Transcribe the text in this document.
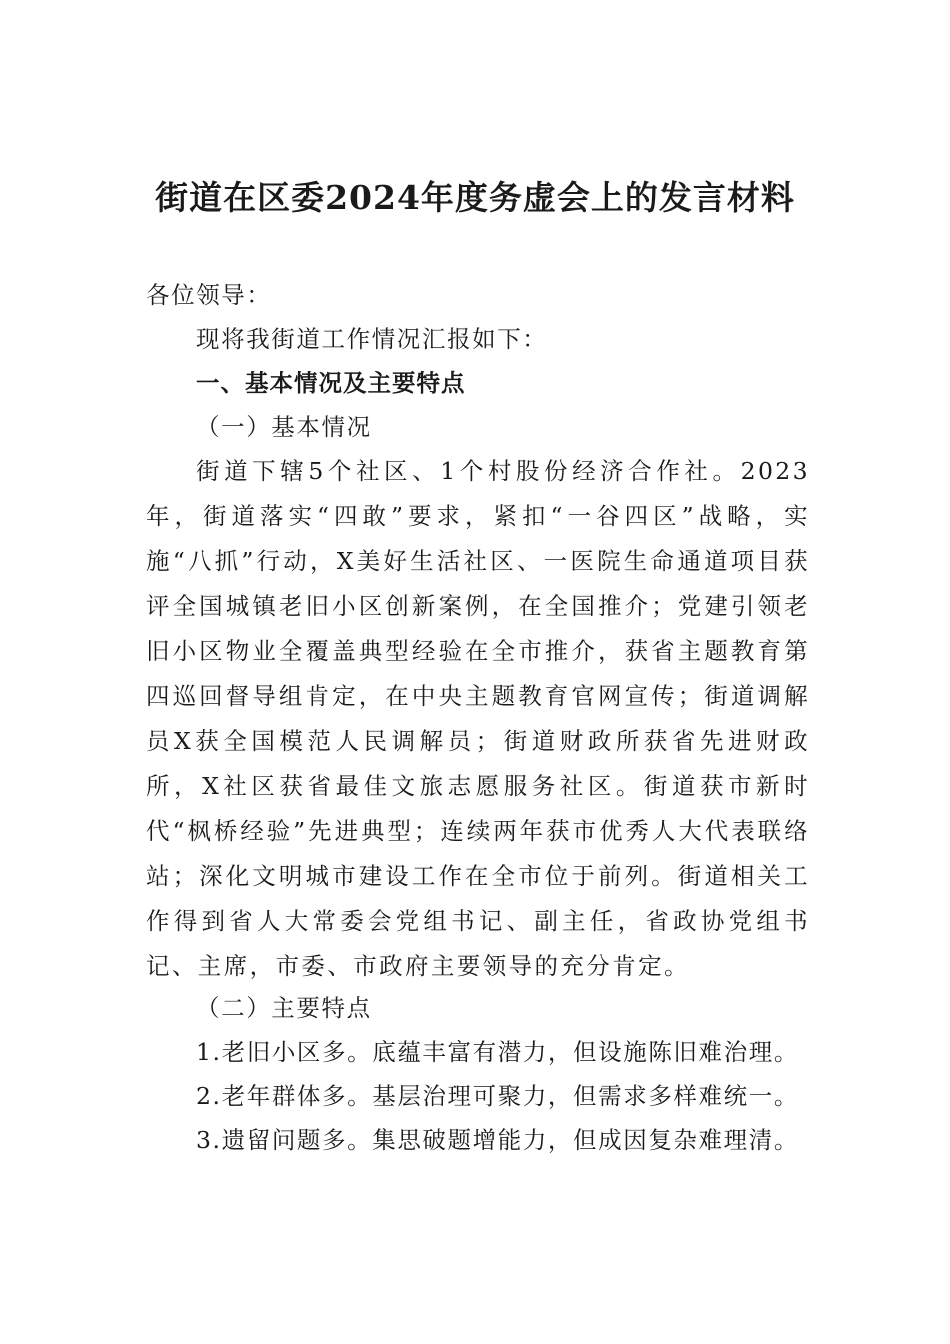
街道在区委2024年度务虚会上的发言材料

各位领导：

现将我街道工作情况汇报如下：

一、基本情况及主要特点

（一）基本情况

街道下辖5个社区、1个村股份经济合作社。2023年，街道落实“四敢”要求，紧扣“一谷四区”战略，实施“八抓”行动，X美好生活社区、一医院生命通道项目获评全国城镇老旧小区创新案例，在全国推介；党建引领老旧小区物业全覆盖典型经验在全市推介，获省主题教育第四巡回督导组肯定，在中央主题教育官网宣传；街道调解员X获全国模范人民调解员；街道财政所获省先进财政所，X社区获省最佳文旅志愿服务社区。街道获市新时代“枫桥经验”先进典型；连续两年获市优秀人大代表联络站；深化文明城市建设工作在全市位于前列。街道相关工作得到省人大常委会党组书记、副主任，省政协党组书记、主席，市委、市政府主要领导的充分肯定。

（二）主要特点

1.老旧小区多。底蕴丰富有潜力，但设施陈旧难治理。

2.老年群体多。基层治理可聚力，但需求多样难统一。

3.遗留问题多。集思破题增能力，但成因复杂难理清。
